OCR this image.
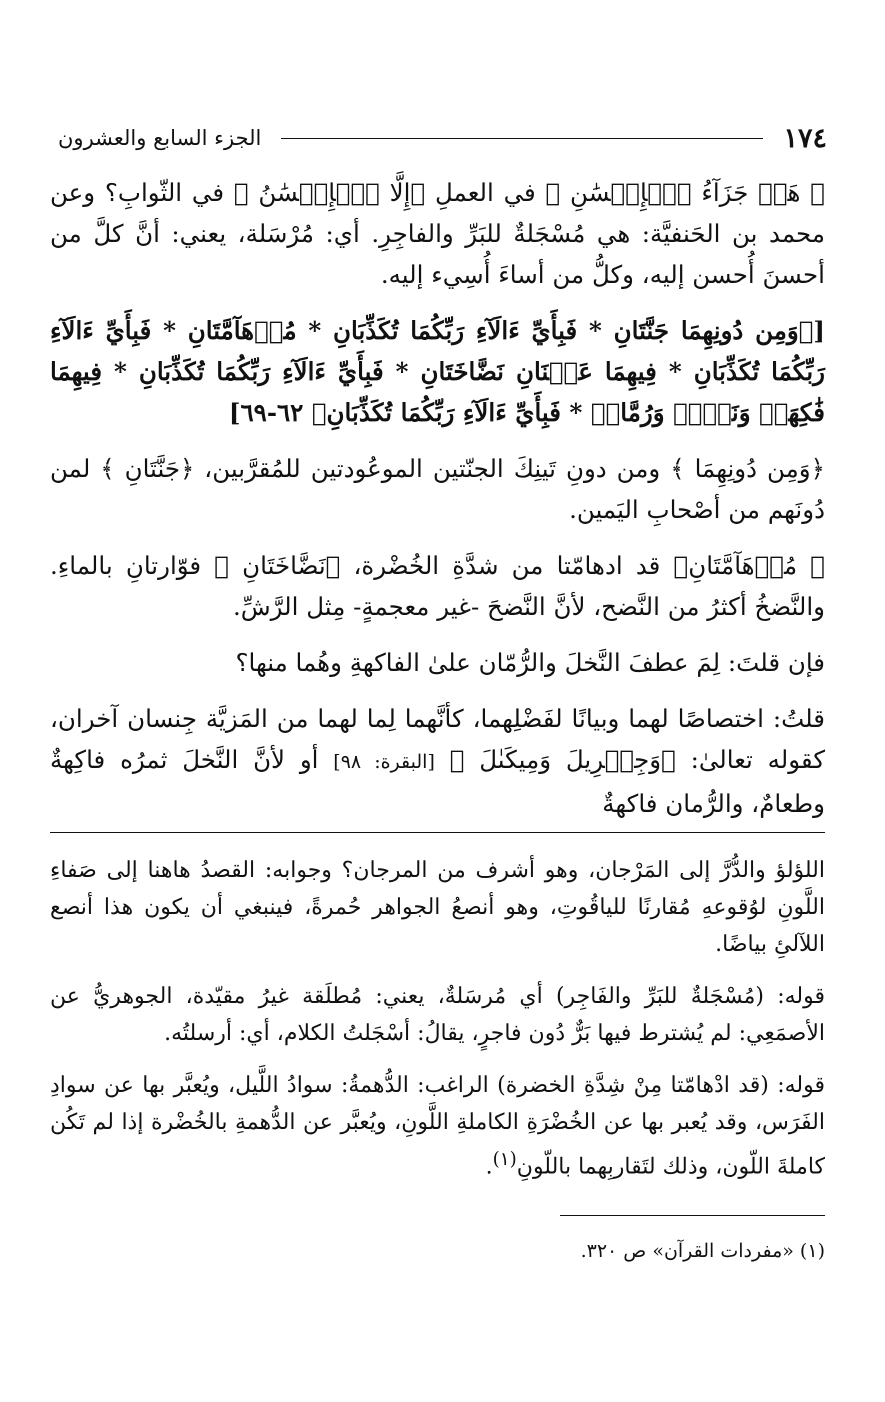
١٧٤
الجزء السابع والعشرون

﴿ هَلۡ جَزَآءُ ٱلۡإِحۡسَٰنِ ﴾ في العملِ ﴿إِلَّا ٱلۡإِحۡسَٰنُ ﴾ في الثّوابِ؟ وعن محمد بن الحَنفيَّة: هي مُسْجَلةٌ للبَرِّ والفاجِرِ. أي: مُرْسَلة، يعني: أنَّ كلَّ من أحسنَ أُحسن إليه، وكلُّ من أساءَ أُسِيء إليه.

[﴿وَمِن دُونِهِمَا جَنَّتَانِ * فَبِأَيِّ ءَالَآءِ رَبِّكُمَا تُكَذِّبَانِ * مُدۡهَآمَّتَانِ * فَبِأَيِّ ءَالَآءِ رَبِّكُمَا تُكَذِّبَانِ * فِيهِمَا عَيۡنَانِ نَضَّاخَتَانِ * فَبِأَيِّ ءَالَآءِ رَبِّكُمَا تُكَذِّبَانِ * فِيهِمَا فَٰكِهَةٞ وَنَخۡلٞ وَرُمَّانٞ * فَبِأَيِّ ءَالَآءِ رَبِّكُمَا تُكَذِّبَانِ﴾ ٦٢-٦٩]

﴿وَمِن دُونِهِمَا ﴾ ومن دونِ تَينِكَ الجنّتين الموعُودتين للمُقرَّبين، ﴿جَنَّتَانِ ﴾ لمن دُونَهم من أصْحابِ اليَمين.

﴿ مُدۡهَآمَّتَانِ﴾ قد ادهامّتا من شدَّةِ الخُضْرة، ﴿نَضَّاخَتَانِ ﴾ فوّارتانِ بالماءِ. والنَّضخُ أكثرُ من النَّضح، لأنَّ النَّضحَ -غير معجمةٍ- مِثل الرَّشِّ.

فإن قلتَ: لِمَ عطفَ النَّخلَ والرُّمّان علىٰ الفاكهةِ وهُما منها؟

قلتُ: اختصاصًا لهما وبيانًا لفَضْلِهما، كأنَّهما لِما لهما من المَزيَّة جِنسان آخران، كقوله تعالىٰ: ﴿وَجِبۡرِيلَ وَمِيكَىٰلَ ﴾ [البقرة: ٩٨] أو لأنَّ النَّخلَ ثمرُه فاكِهةٌ وطعامٌ، والرُّمان فاكهةٌ

اللؤلؤ والدُّرَّ إلى المَرْجان، وهو أشرف من المرجان؟ وجوابه: القصدُ هاهنا إلى صَفاءِ اللَّونِ لوُقوعهِ مُقارنًا للياقُوتِ، وهو أنصعُ الجواهر حُمرةً، فينبغي أن يكون هذا أنصع اللآلئِ بياضًا.

قوله: (مُسْجَلةٌ للبَرِّ والفَاجِر) أي مُرسَلةٌ، يعني: مُطلَقة غيرُ مقيّدة، الجوهريُّ عن الأصمَعِي: لم يُشترط فيها بَرٌّ دُون فاجرٍ، يقالُ: أسْجَلتُ الكلام، أي: أرسلتُه.

قوله: (قد ادْهامّتا مِنْ شِدَّةِ الخضرة) الراغب: الدُّهمةُ: سوادُ اللَّيل، ويُعبَّر بها عن سوادِ الفَرَس، وقد يُعبر بها عن الخُضْرَةِ الكاملةِ اللَّونِ، ويُعبَّر عن الدُّهمةِ بالخُضْرة إذا لم تَكُن كاملةَ اللّون، وذلك لتَقاربِهما باللّونِ$^{(١)}$.

(١) «مفردات القرآن» ص ٣٢٠.
